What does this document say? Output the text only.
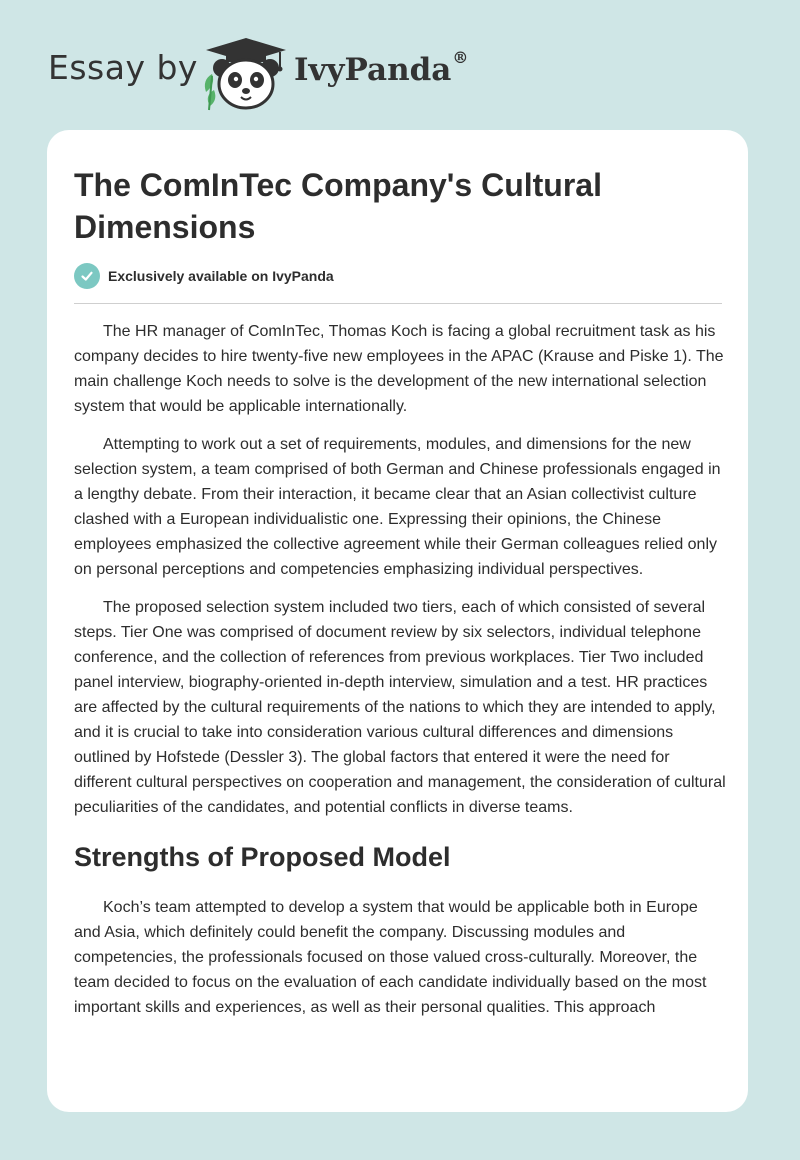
Essay by	IvyPanda®
The ComInTec Company's Cultural Dimensions
Exclusively available on IvyPanda

The HR manager of ComInTec, Thomas Koch is facing a global recruitment task as his company decides to hire twenty-five new employees in the APAC (Krause and Piske 1). The main challenge Koch needs to solve is the development of the new international selection system that would be applicable internationally.

Attempting to work out a set of requirements, modules, and dimensions for the new selection system, a team comprised of both German and Chinese professionals engaged in a lengthy debate. From their interaction, it became clear that an Asian collectivist culture clashed with a European individualistic one. Expressing their opinions, the Chinese employees emphasized the collective agreement while their German colleagues relied only on personal perceptions and competencies emphasizing individual perspectives.

The proposed selection system included two tiers, each of which consisted of several steps. Tier One was comprised of document review by six selectors, individual telephone conference, and the collection of references from previous workplaces. Tier Two included panel interview, biography-oriented in-depth interview, simulation and a test. HR practices are affected by the cultural requirements of the nations to which they are intended to apply, and it is crucial to take into consideration various cultural differences and dimensions outlined by Hofstede (Dessler 3). The global factors that entered it were the need for different cultural perspectives on cooperation and management, the consideration of cultural peculiarities of the candidates, and potential conflicts in diverse teams.

Strengths of Proposed Model

Koch’s team attempted to develop a system that would be applicable both in Europe and Asia, which definitely could benefit the company. Discussing modules and competencies, the professionals focused on those valued cross-culturally. Moreover, the team decided to focus on the evaluation of each candidate individually based on the most important skills and experiences, as well as their personal qualities. This approach
